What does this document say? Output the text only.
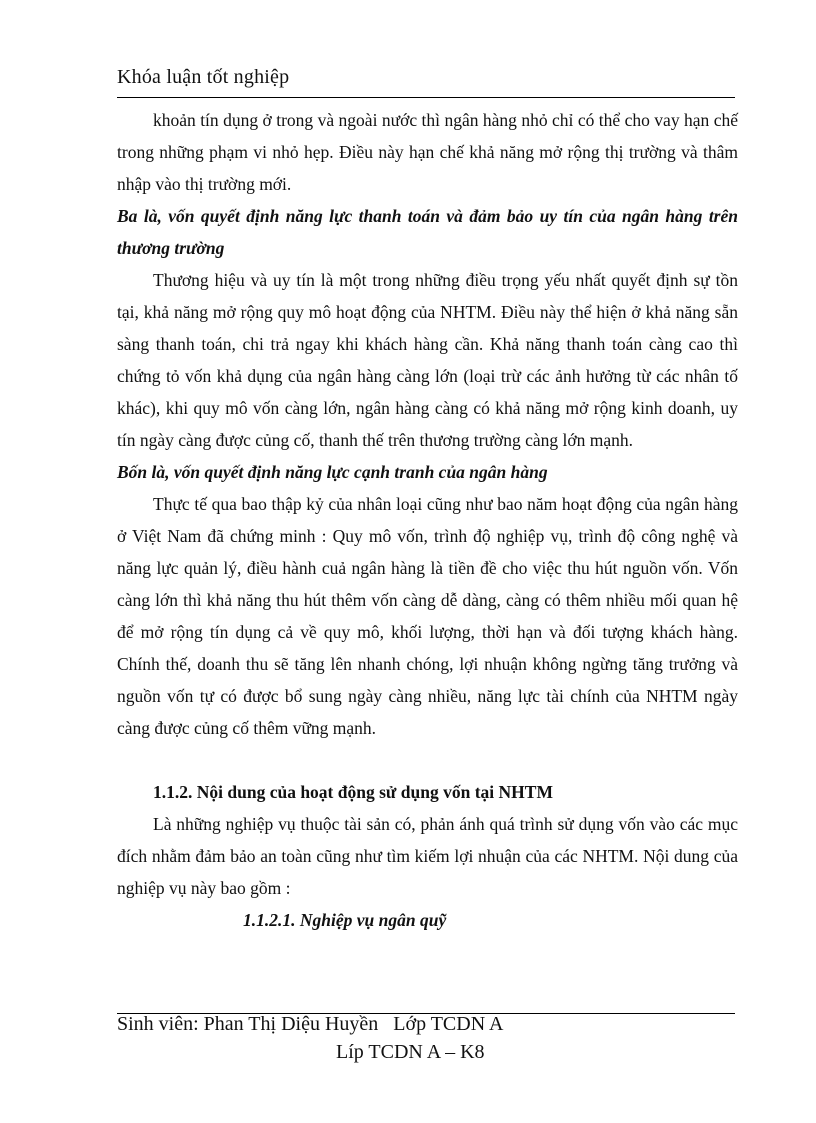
Khóa luận tốt nghiệp

khoản tín dụng ở trong và ngoài nước thì ngân hàng nhỏ chỉ có thể cho vay hạn chế trong những phạm vi nhỏ hẹp. Điều này hạn chế khả năng mở rộng thị trường và thâm nhập vào thị trường mới.

Ba là, vốn quyết định năng lực thanh toán và đảm bảo uy tín của ngân hàng trên thương trường

Thương hiệu và uy tín là một trong những điều trọng yếu nhất quyết định sự tồn tại, khả năng mở rộng quy mô hoạt động của NHTM. Điều này thể hiện ở khả năng sẵn sàng thanh toán, chi trả ngay khi khách hàng cần. Khả năng thanh toán càng cao thì chứng tỏ vốn khả dụng của ngân hàng càng lớn (loại trừ các ảnh hưởng từ các nhân tố khác), khi quy mô vốn càng lớn, ngân hàng càng có khả năng mở rộng kinh doanh, uy tín ngày càng được củng cố, thanh thế trên thương trường càng lớn mạnh.

Bốn là, vốn quyết định năng lực cạnh tranh của ngân hàng

Thực tế qua bao thập kỷ của nhân loại cũng như bao năm hoạt động của ngân hàng ở Việt Nam đã chứng minh : Quy mô vốn, trình độ nghiệp vụ, trình độ công nghệ và năng lực quản lý, điều hành cuả ngân hàng là tiền đề cho việc thu hút nguồn vốn. Vốn càng lớn thì khả năng thu hút thêm vốn càng dễ dàng, càng có thêm nhiều mối quan hệ để mở rộng tín dụng cả về quy mô, khối lượng, thời hạn và đối tượng khách hàng. Chính thế, doanh thu sẽ tăng lên nhanh chóng, lợi nhuận không ngừng tăng trưởng và nguồn vốn tự có được bổ sung ngày càng nhiều, năng lực tài chính của NHTM ngày càng được củng cố thêm vững mạnh.

1.1.2. Nội dung của hoạt động sử dụng vốn tại NHTM

Là những nghiệp vụ thuộc tài sản có, phản ánh quá trình sử dụng vốn vào các mục đích nhằm đảm bảo an toàn cũng như tìm kiếm lợi nhuận của các NHTM. Nội dung của nghiệp vụ này bao gồm :

1.1.2.1. Nghiệp vụ ngân quỹ

Sinh viên: Phan Thị Diệu Huyền   Lớp TCDN A
Líp TCDN A – K8
